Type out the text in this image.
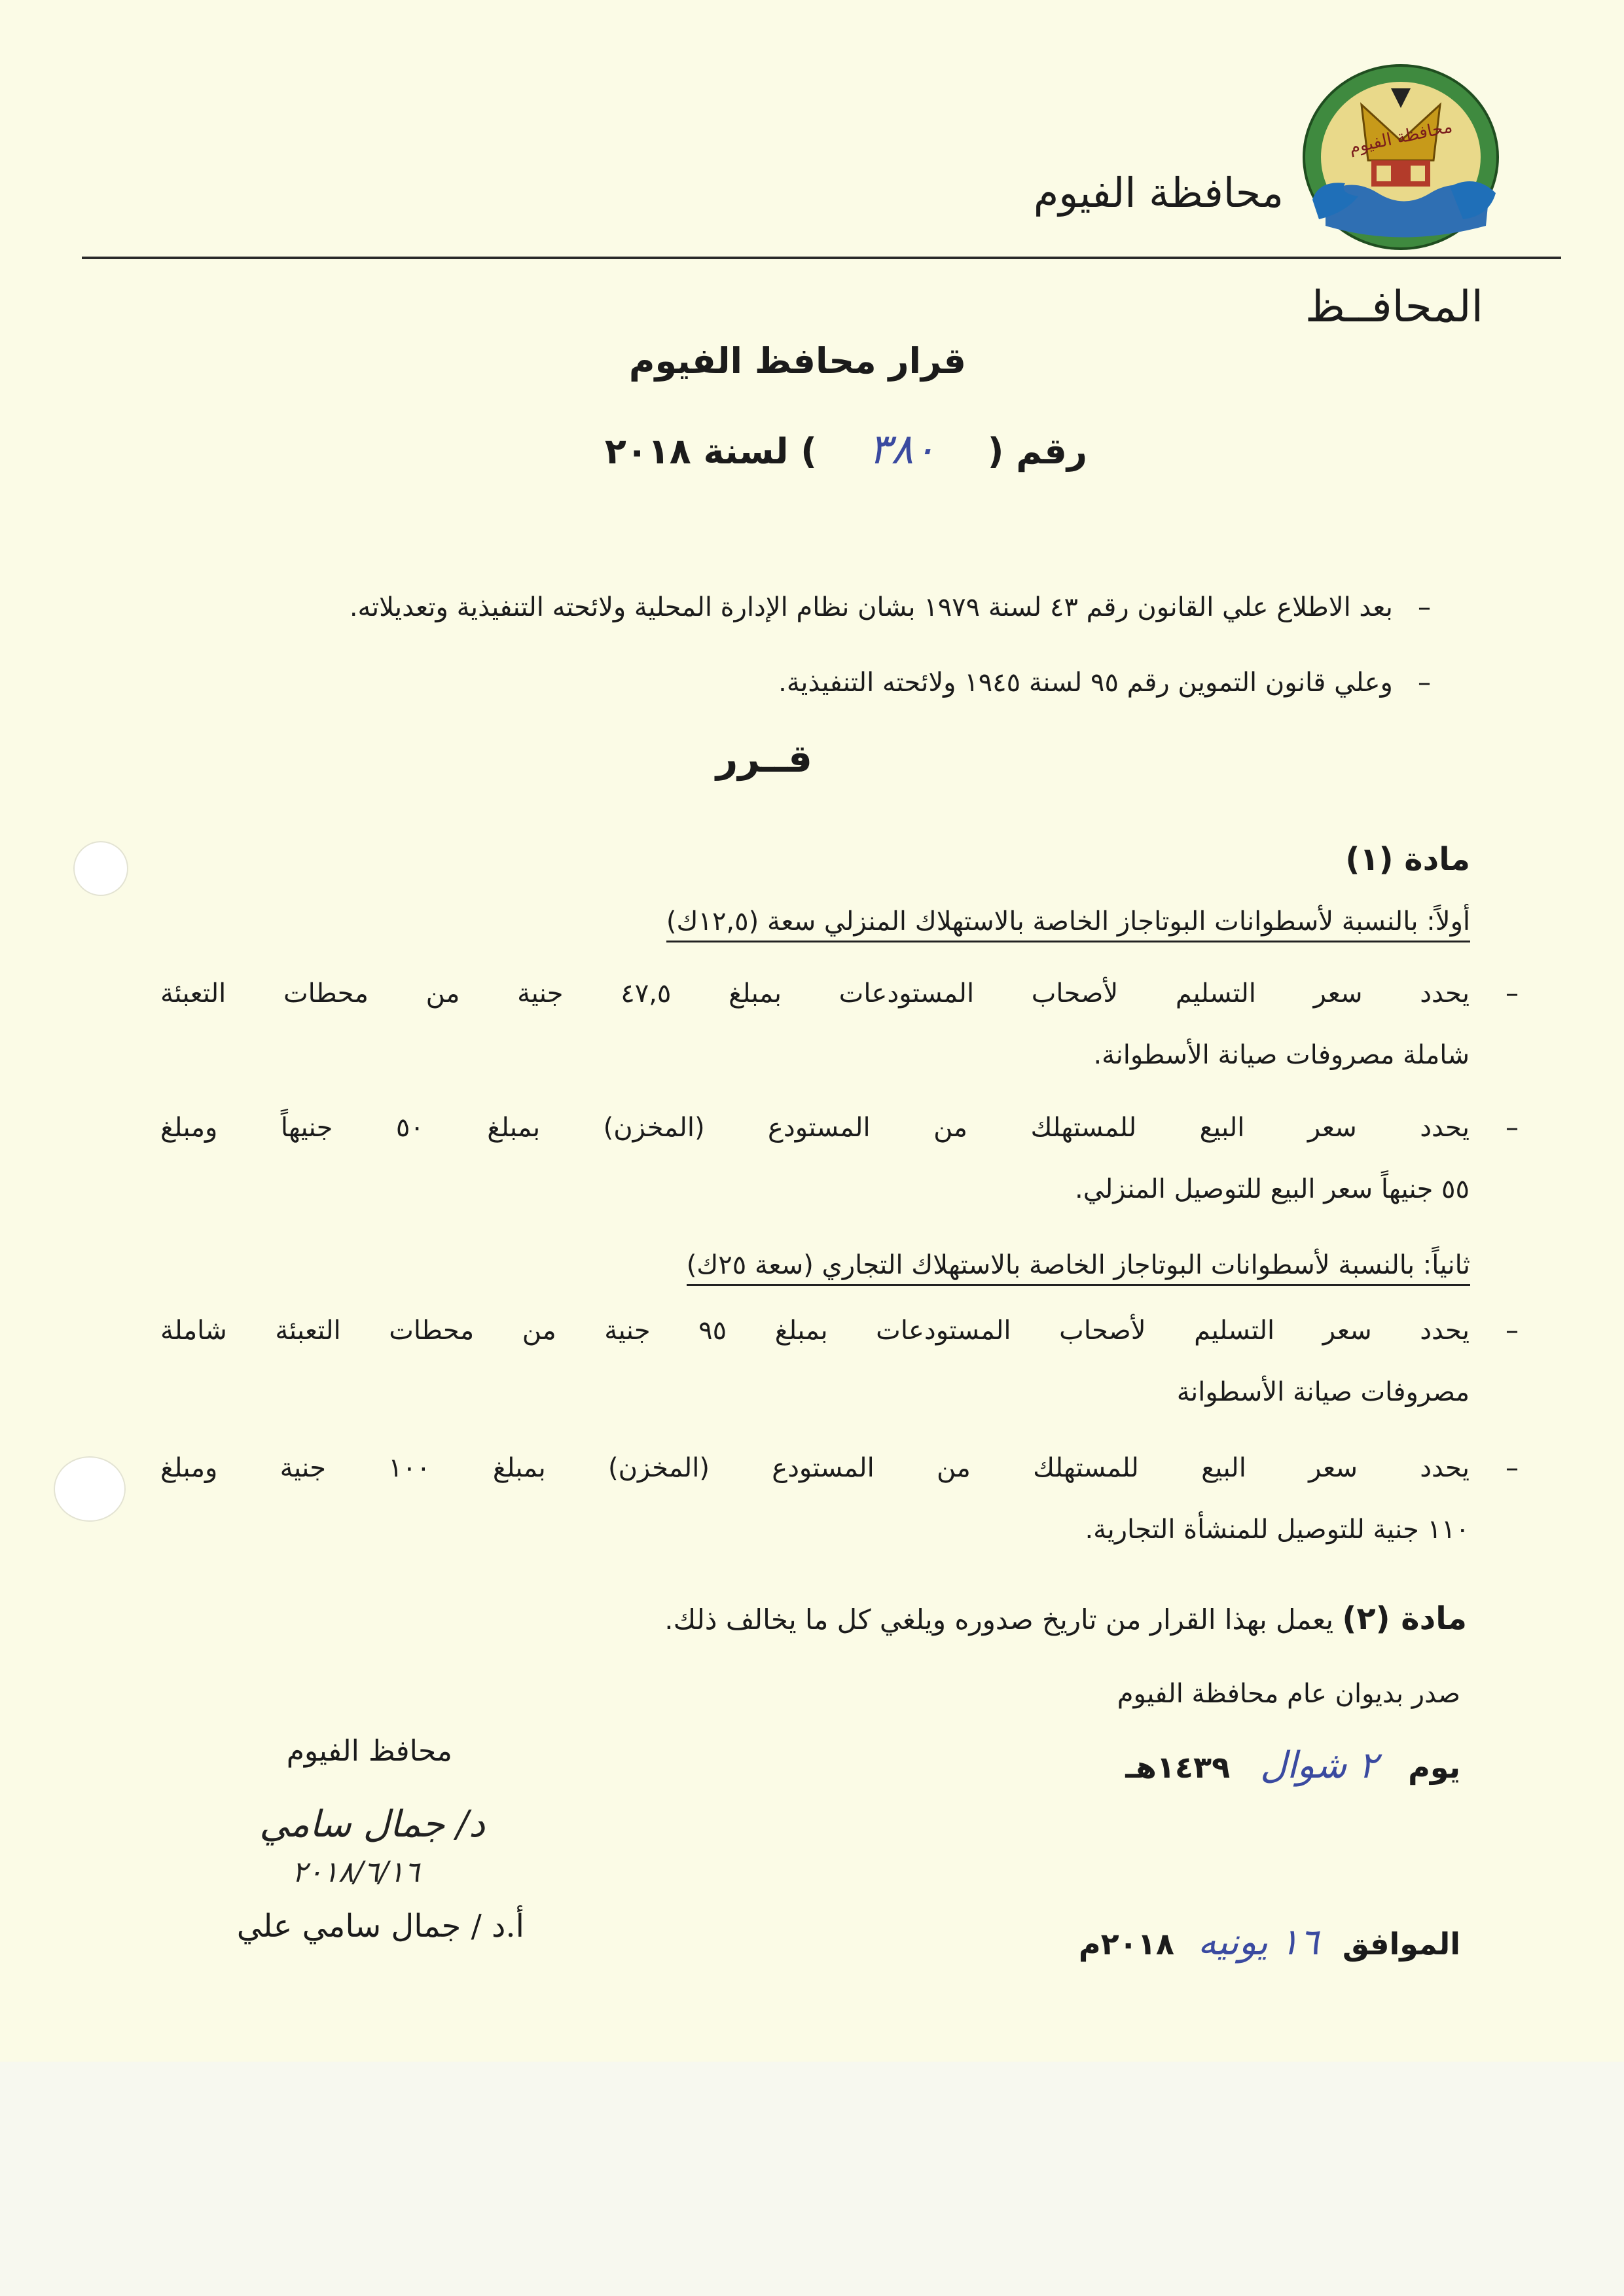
محافظة الفيوم
محافظة الفيوم
المحافــظ
قرار محافظ الفيوم
رقم ( ٣٨٠ ) لسنة ٢٠١٨
–   بعد الاطلاع علي القانون رقم ٤٣ لسنة ١٩٧٩ بشان نظام الإدارة المحلية ولائحته التنفيذية وتعديلاته.
–   وعلي قانون التموين رقم ٩٥ لسنة ١٩٤٥ ولائحته التنفيذية.
قــرر
مادة (١)
أولاً: بالنسبة لأسطوانات البوتاجاز الخاصة بالاستهلاك المنزلي سعة (١٢,٥ك)
–
يحدد سعر التسليم لأصحاب المستودعات بمبلغ ٤٧,٥ جنية من محطات التعبئة
شاملة مصروفات صيانة الأسطوانة.
–
يحدد سعر البيع للمستهلك من المستودع (المخزن) بمبلغ ٥٠ جنيهاً ومبلغ
٥٥ جنيهاً سعر البيع للتوصيل المنزلي.
ثانياً: بالنسبة لأسطوانات البوتاجاز الخاصة بالاستهلاك التجاري (سعة ٢٥ك)
–
يحدد سعر التسليم لأصحاب المستودعات بمبلغ ٩٥ جنية من محطات التعبئة شاملة
مصروفات صيانة الأسطوانة
–
يحدد سعر البيع للمستهلك من المستودع (المخزن) بمبلغ ١٠٠ جنية ومبلغ
١١٠ جنية للتوصيل للمنشأة التجارية.
مادة (٢) يعمل بهذا القرار من تاريخ صدوره ويلغي كل ما يخالف ذلك.
صدر بديوان عام محافظة الفيوم
يوم ٢ شوال ١٤٣٩هـ
الموافق ١٦ يونيه ٢٠١٨م
محافظ الفيوم
د/ جمال سامي
٢٠١٨/٦/١٦
أ.د / جمال سامي علي
